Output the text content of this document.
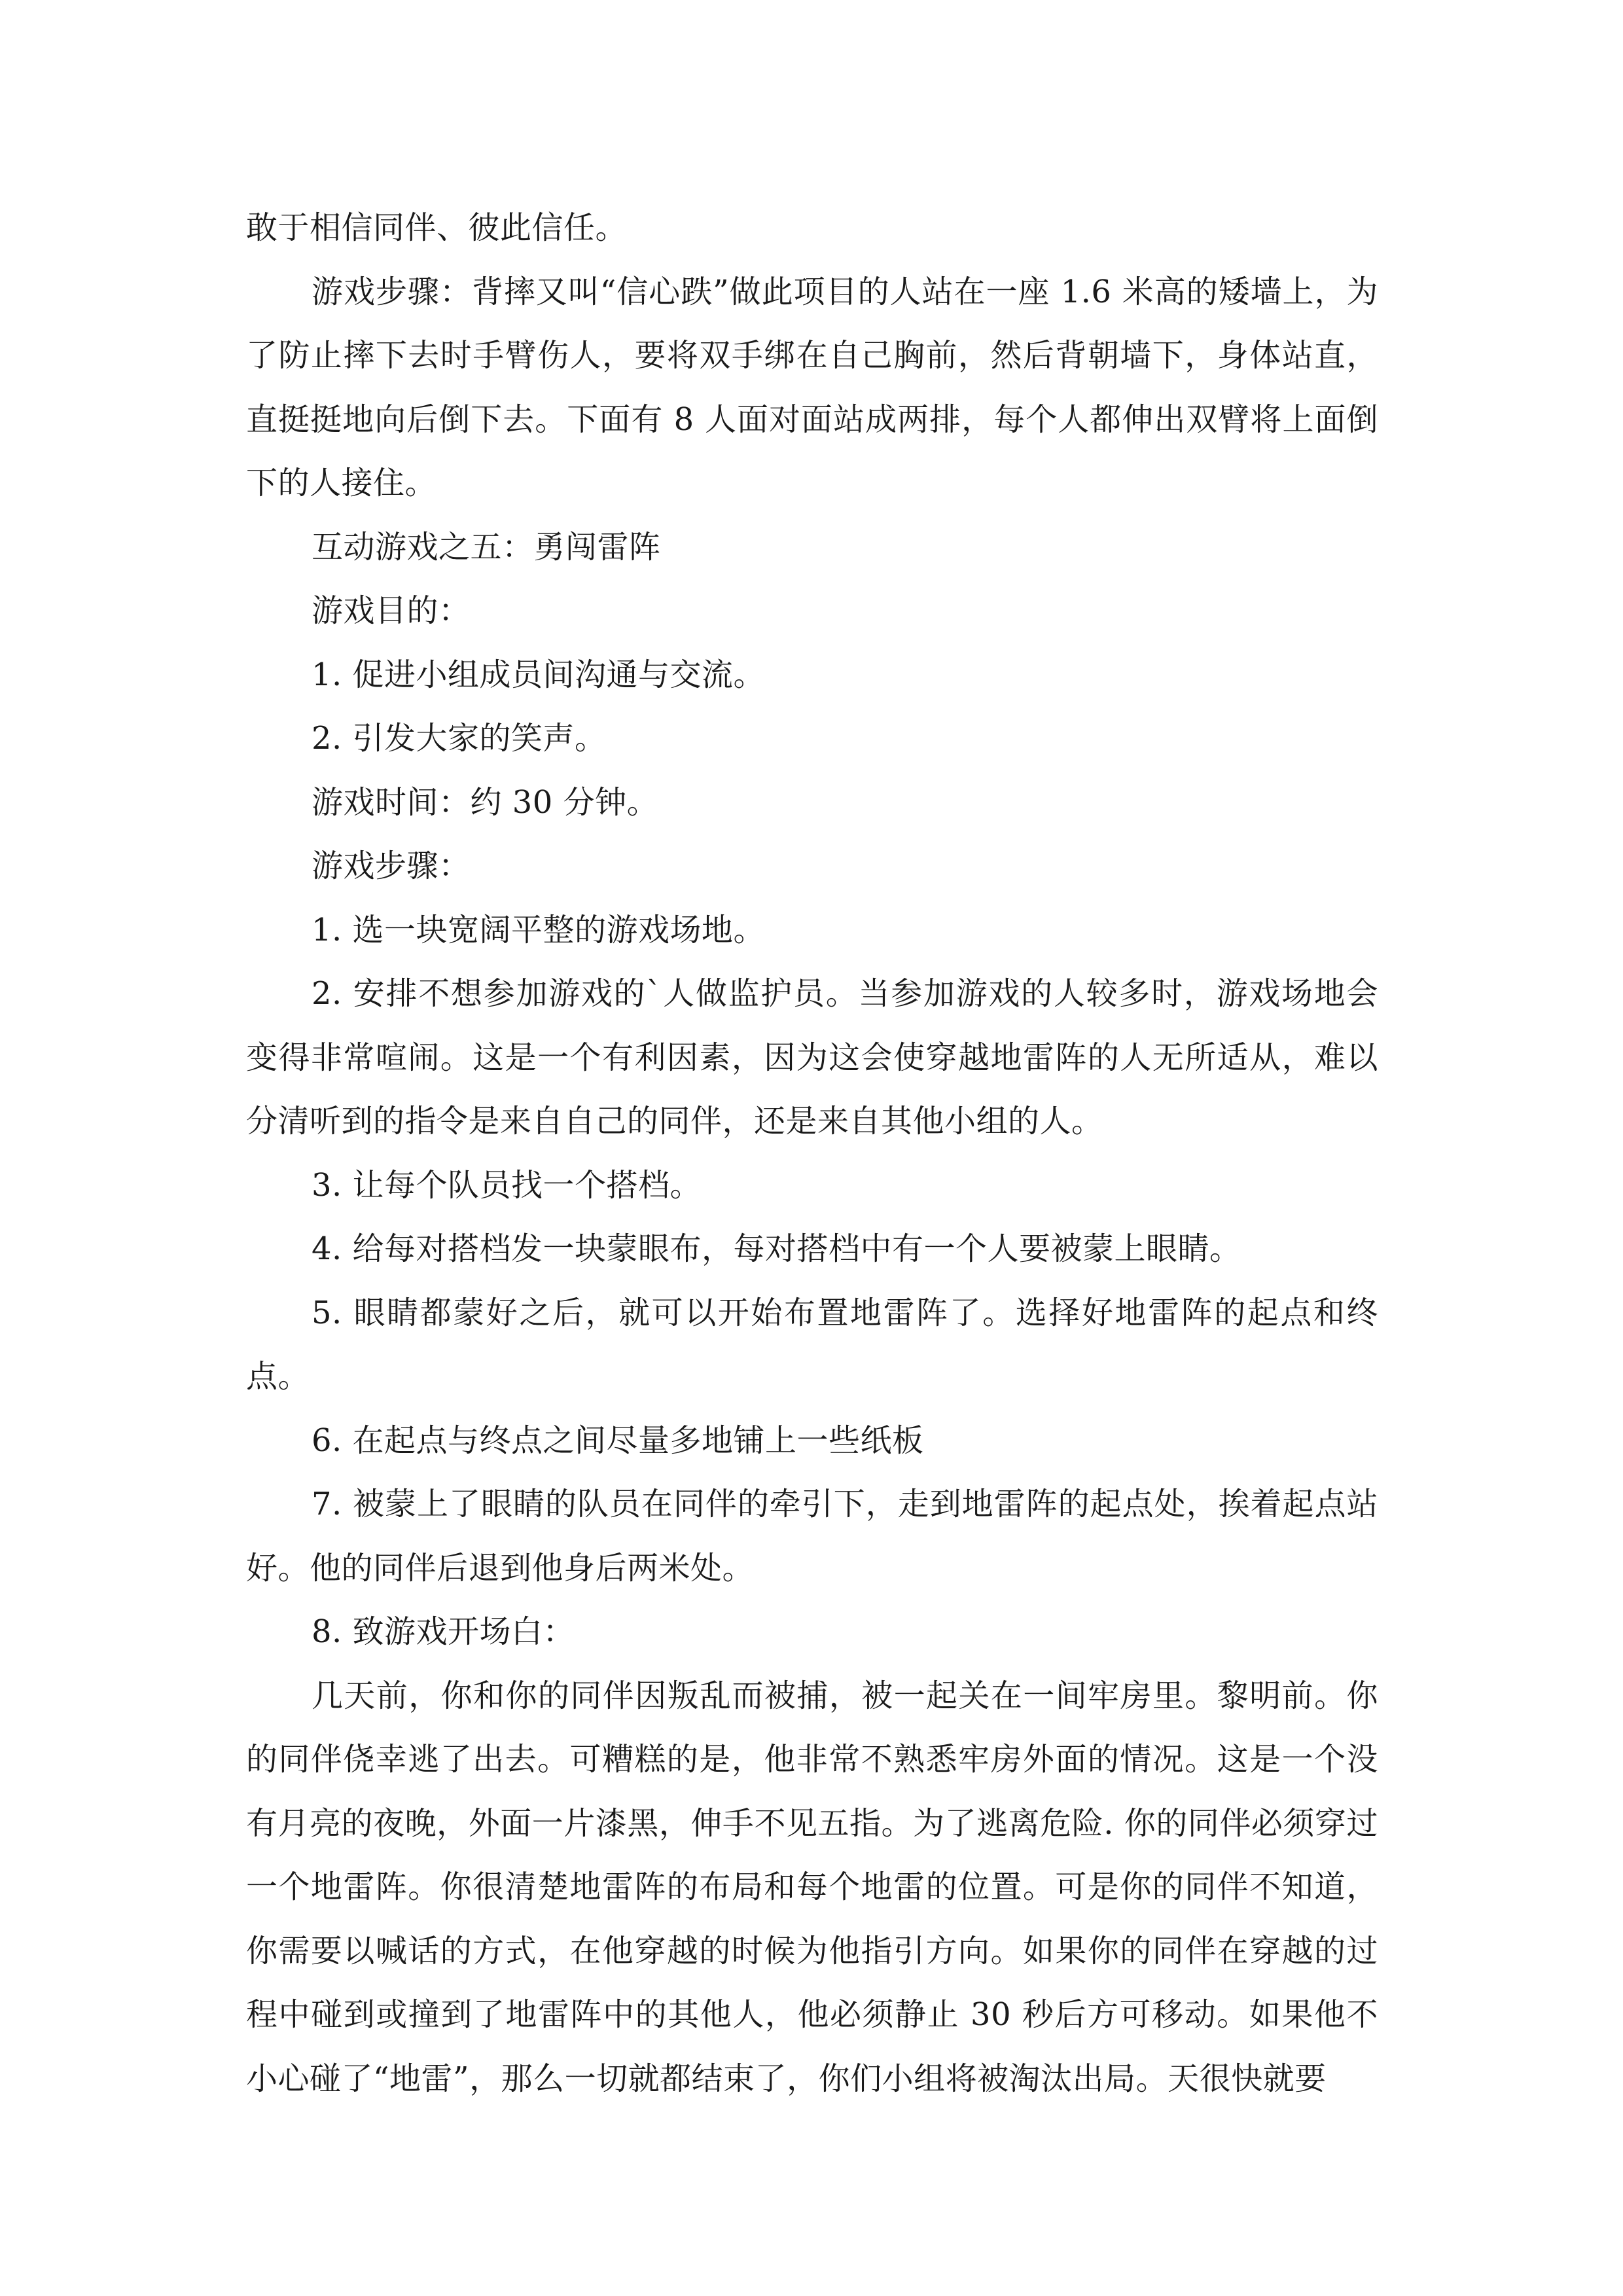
敢于相信同伴、彼此信任。

游戏步骤：背摔又叫“信心跌”做此项目的人站在一座 1.6 米高的矮墙上，为了防止摔下去时手臂伤人，要将双手绑在自己胸前，然后背朝墙下，身体站直，直挺挺地向后倒下去。下面有 8 人面对面站成两排，每个人都伸出双臂将上面倒下的人接住。

互动游戏之五：勇闯雷阵

游戏目的：

1. 促进小组成员间沟通与交流。

2. 引发大家的笑声。

游戏时间：约 30 分钟。

游戏步骤：

1. 选一块宽阔平整的游戏场地。

2. 安排不想参加游戏的`人做监护员。当参加游戏的人较多时，游戏场地会变得非常喧闹。这是一个有利因素，因为这会使穿越地雷阵的人无所适从，难以分清听到的指令是来自自己的同伴，还是来自其他小组的人。

3. 让每个队员找一个搭档。

4. 给每对搭档发一块蒙眼布，每对搭档中有一个人要被蒙上眼睛。

5. 眼睛都蒙好之后，就可以开始布置地雷阵了。选择好地雷阵的起点和终点。

6. 在起点与终点之间尽量多地铺上一些纸板

7. 被蒙上了眼睛的队员在同伴的牵引下，走到地雷阵的起点处，挨着起点站好。他的同伴后退到他身后两米处。

8. 致游戏开场白：

几天前，你和你的同伴因叛乱而被捕，被一起关在一间牢房里。黎明前。你的同伴侥幸逃了出去。可糟糕的是，他非常不熟悉牢房外面的情况。这是一个没有月亮的夜晚，外面一片漆黑，伸手不见五指。为了逃离危险. 你的同伴必须穿过一个地雷阵。你很清楚地雷阵的布局和每个地雷的位置。可是你的同伴不知道，你需要以喊话的方式，在他穿越的时候为他指引方向。如果你的同伴在穿越的过程中碰到或撞到了地雷阵中的其他人，他必须静止 30 秒后方可移动。如果他不小心碰了“地雷”，那么一切就都结束了，你们小组将被淘汰出局。天很快就要
